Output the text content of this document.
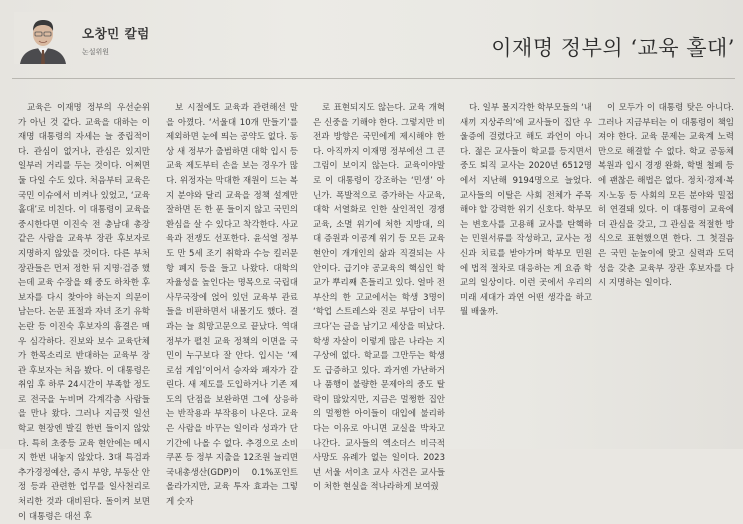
오창민 칼럼
논설위원	이재명 정부의 ‘교육 홀대’

교육은 이재명 정부의 우선순위가 아닌 것 같다. 교육을 대하는 이재명 대통령의 자세는 늘 중립적이다. 관심이 없거나, 관심은 있지만 일부러 거리를 두는 것이다. 어쩌면 둘 다일 수도 있다. 처음부터 교육은 국민 이슈에서 비켜나 있었고, ‘교육 홀대’로 비친다. 이 대통령이 교육을 중시한다면 이진숙 전 충남대 총장 같은 사람을 교육부 장관 후보자로 지명하지 않았을 것이다. 다른 부처 장관들은 먼저 정한 뒤 지명·검증 했는데 교육 수장을 왜 중도 하차한 후보자를 다시 찾아야 하는지 의문이 남는다. 논문 표절과 자녀 조기 유학 논란 등 이진숙 후보자의 흠결은 매우 심각하다. 진보와 보수 교육단체가 한목소리로 반대하는 교육부 장관 후보자는 처음 봤다. 이 대통령은 취임 후 하루 24시간이 부족할 정도로 전국을 누비며 각계각층 사람들을 만나 왔다. 그러나 지금껏 일선 학교 현장엔 발길 한번 들이지 않았다. 특히 초중등 교육 현안에는 메시지 한번 내놓지 않았다. 3대 특검과 추가경정예산, 증시 부양, 부동산 안정 등과 관련한 업무를 일사천리로 처리한 것과 대비된다. 돌이켜 보면 이 대통령은 대선 후

보 시절에도 교육과 관련해선 말을 아꼈다. ‘서울대 10개 만들기’를 제외하면 눈에 띄는 공약도 없다. 동상 새 정부가 출범하면 대학 입시 등 교육 제도부터 손을 보는 경우가 많다. 위정자는 막대한 재원이 드는 복지 분야와 달리 교육을 정책 설계만 잘하면 돈 한 푼 들이지 않고 국민의 환심을 살 수 있다고 착각한다. 사교육과 전쟁도 선포한다. 윤석열 정부도 만 5세 조기 취학과 수능 킬러문항 폐지 등을 들고 나왔다. 대학의 자율성을 높인다는 명목으로 국립대 사무국장에 얹어 있던 교육부 관료들을 비판하면서 내몰기도 했다. 결과는 늘 희망고문으로 끝났다. 역대 정부가 펼친 교육 정책의 이면을 국민이 누구보다 잘 안다. 입시는 ‘제로섬 게임’이어서 승자와 패자가 갈린다. 새 제도를 도입하거나 기존 제도의 단점을 보완하면 그에 상응하는 반작용과 부작용이 나온다. 교육은 사람을 바꾸는 일이라 성과가 단기간에 나올 수 없다. 추경으로 소비쿠폰 등 정부 지출을 12조원 늘리면 국내총생산(GDP)이 0.1%포인트 올라가지만, 교육 투자 효과는 그렇게 숫자

로 표현되지도 않는다. 교육 개혁은 신중을 기해야 한다. 그렇지만 비전과 방향은 국민에게 제시해야 한다. 아직까지 이재명 정부에선 그 큰 그림이 보이지 않는다. 교육이야말로 이 대통령이 강조하는 ‘민생’ 아닌가. 폭발적으로 증가하는 사교육, 대학 서열화로 인한 살인적인 경쟁 교육, 소멸 위기에 처한 지방대, 의대 증원과 이공계 위기 등 모든 교육 현안이 개개인의 삶과 직결되는 사안이다. 급기야 공교육의 핵심인 학교가 뿌리째 흔들리고 있다. 얼마 전 부산의 한 고교에서는 학생 3명이 ‘학업 스트레스와 진로 부담이 너무 크다’는 글을 남기고 세상을 떠났다. 학생 자살이 이렇게 많은 나라는 지구상에 없다. 학교를 그만두는 학생도 급증하고 있다. 과거엔 가난하거나 품행이 불량한 문제아의 중도 탈락이 많았지만, 지금은 멀쩡한 집안의 멀쩡한 아이들이 대입에 불리하다는 이유로 아니면 교실을 박차고 나간다. 교사들의 엑소더스 비극적 사망도 유례가 없는 일이다. 2023년 서울 서이초 교사 사건은 교사들이 처한 현실을 적나라하게 보여줬

다. 일부 몰지각한 학부모들의 ‘내 새끼 지상주의’에 교사들이 집단 우울증에 걸렸다고 해도 과언이 아니다. 젊은 교사들이 학교를 등지면서 중도 퇴직 교사는 2020년 6512명에서 지난해 9194명으로 늘었다. 교사들의 이탈은 사회 전체가 주목해야 할 강력한 위기 신호다. 학부모는 변호사를 고용해 교사를 탄핵하는 민원서류를 작성하고, 교사는 정신과 치료를 받아가며 학부모 민원에 법적 절차로 대응하는 게 요즘 학교의 일상이다. 이런 곳에서 우리의 미래 세대가 과연 어떤 생각을 하고 뭘 배울까.

이 모두가 이 대통령 탓은 아니다. 그러나 지금부터는 이 대통령이 책임져야 한다. 교육 문제는 교육계 노력만으로 해결할 수 없다. 학교 공동체 복원과 입시 경쟁 완화, 학벌 철폐 등에 괜찮은 해법은 없다. 정치·경제·복지·노동 등 사회의 모든 분야와 밀접히 연결돼 있다. 이 대통령이 교육에 더 관심을 갖고, 그 관심을 적절한 방식으로 표현했으면 한다. 그 첫걸음은 국민 눈높이에 맞고 실력과 도덕성을 갖춘 교육부 장관 후보자를 다시 지명하는 일이다.
